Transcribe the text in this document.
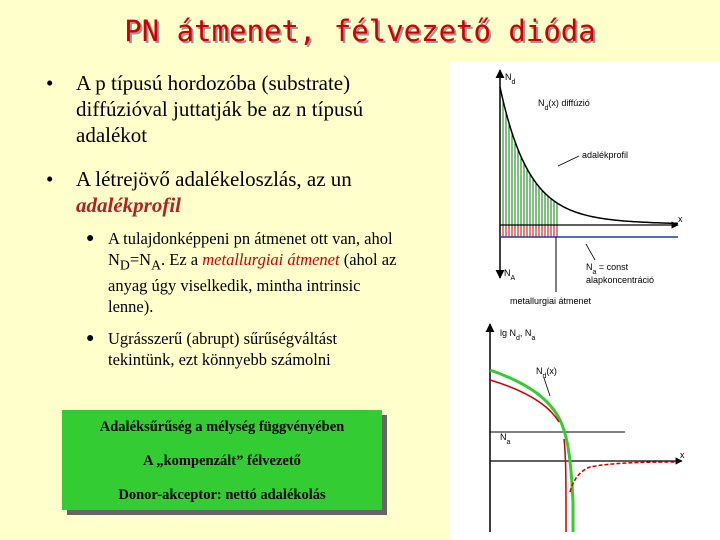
PN átmenet, félvezető dióda
• A p típusú hordozóba (substrate) diffúzióval juttatják be az n típusú adalékot
• A létrejövő adalékeloszlás, az un adalékprofil
● A tulajdonképpeni pn átmenet ott van, ahol $N_D=N_A$. Ez a metallurgiai átmenet (ahol az anyag úgy viselkedik, mintha intrinsic lenne).
● Ugrásszerű (abrupt) sűrűségváltást tekintünk, ezt könnyebb számolni
Adaléksűrűség a mélység függvényében
A „kompenzált” félvezető
Donor-akceptor: nettó adalékolás
$N_d$
$N_d(x)$ diffúzió
adalékprofil
x
$N_A$
$N_a$ = const
alapkoncentráció
metallurgiai átmenet
$\lg N_d$, $N_a$
$N_d(x)$
$N_a$
x
